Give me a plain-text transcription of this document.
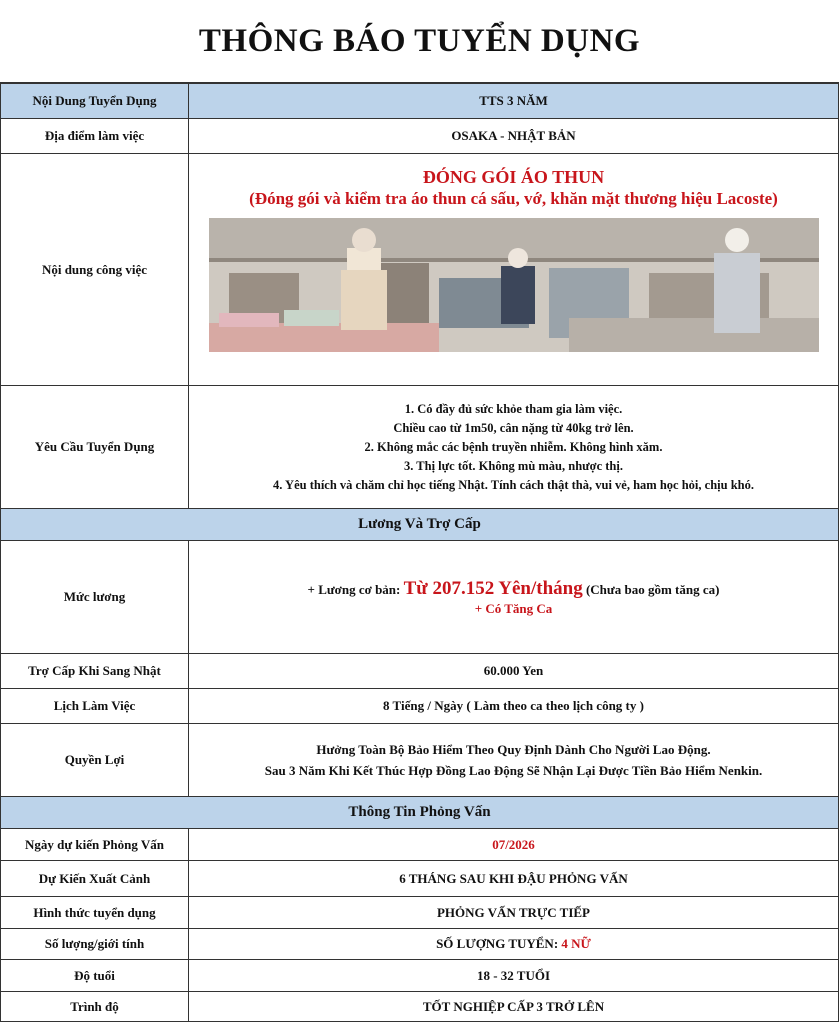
THÔNG BÁO TUYỂN DỤNG
Nội Dung Tuyển Dụng	TTS 3 NĂM
Địa điểm làm việc	OSAKA - NHẬT BẢN
Nội dung công việc	ĐÓNG GÓI ÁO THUN
(Đóng gói và kiểm tra áo thun cá sấu, vớ, khăn mặt thương hiệu Lacoste)

Yêu Cầu Tuyển Dụng	1. Có đầy đủ sức khỏe tham gia làm việc.
Chiều cao từ 1m50, cân nặng từ 40kg trở lên.
2. Không mắc các bệnh truyền nhiễm. Không hình xăm.
3. Thị lực tốt. Không mù màu, nhược thị.
4. Yêu thích và chăm chỉ học tiếng Nhật. Tính cách thật thà, vui vẻ, ham học hỏi, chịu khó.

Lương Và Trợ Cấp	
Mức lương	+ Lương cơ bản: Từ 207.152 Yên/tháng (Chưa bao gồm tăng ca)
+ Có Tăng Ca

Trợ Cấp Khi Sang Nhật	60.000 Yen
Lịch Làm Việc	8 Tiếng / Ngày ( Làm theo ca theo lịch công ty )
Quyền Lợi	Hưởng Toàn Bộ Bảo Hiểm Theo Quy Định Dành Cho Người Lao Động.
Sau 3 Năm Khi Kết Thúc Hợp Đồng Lao Động Sẽ Nhận Lại Được Tiền Bảo Hiểm Nenkin.

Thông Tin Phỏng Vấn	
Ngày dự kiến Phỏng Vấn	07/2026
Dự Kiến Xuất Cảnh	6 THÁNG SAU KHI ĐẬU PHỎNG VẤN
Hình thức tuyển dụng	PHỎNG VẤN TRỰC TIẾP
Số lượng/giới tính	SỐ LƯỢNG TUYỂN: 4 NỮ
Độ tuổi	18 - 32 TUỔI
Trình độ	TỐT NGHIỆP CẤP 3 TRỞ LÊN
